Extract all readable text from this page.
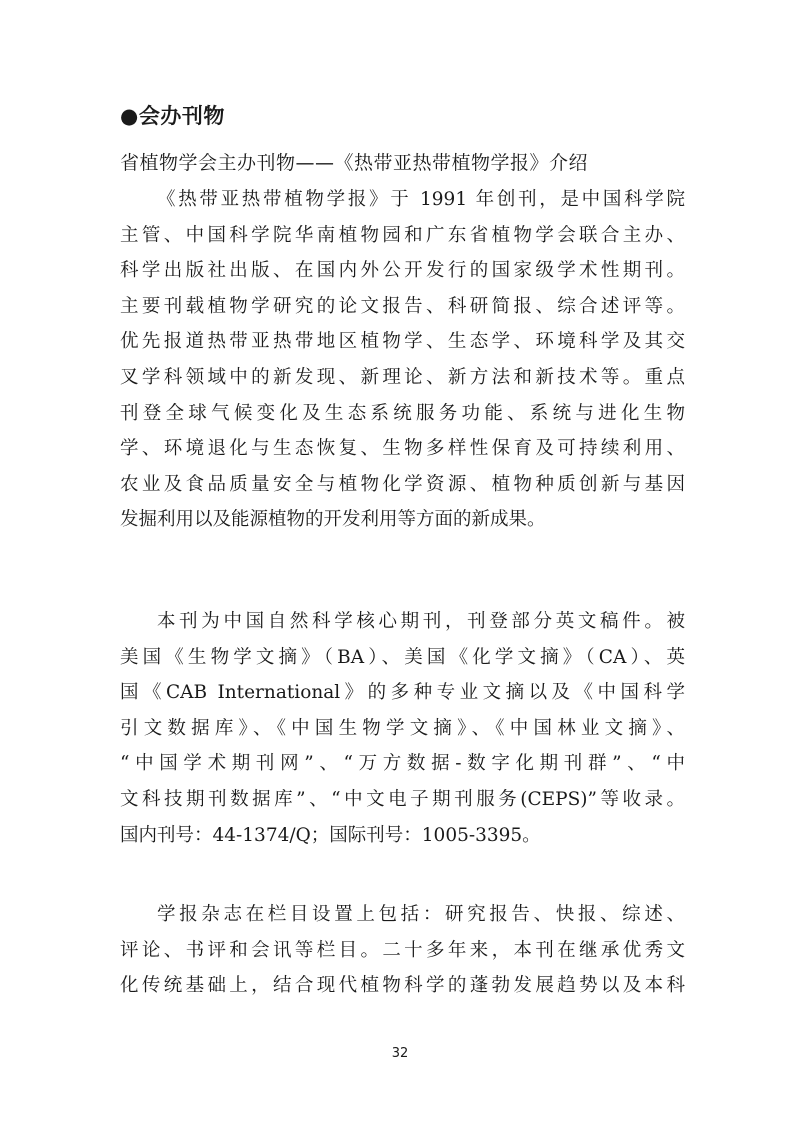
●会办刊物
省植物学会主办刊物——《热带亚热带植物学报》介绍
《热带亚热带植物学报》于 1991 年创刊，是中国科学院
主管、中国科学院华南植物园和广东省植物学会联合主办、
科学出版社出版、在国内外公开发行的国家级学术性期刊。
主要刊载植物学研究的论文报告、科研简报、综合述评等。
优先报道热带亚热带地区植物学、生态学、环境科学及其交
叉学科领域中的新发现、新理论、新方法和新技术等。重点
刊登全球气候变化及生态系统服务功能、系统与进化生物
学、环境退化与生态恢复、生物多样性保育及可持续利用、
农业及食品质量安全与植物化学资源、植物种质创新与基因
发掘利用以及能源植物的开发利用等方面的新成果。
本刊为中国自然科学核心期刊，刊登部分英文稿件。被
美国《生物学文摘》（BA）、美国《化学文摘》（CA）、英
国《CAB International》的多种专业文摘以及《中国科学
引文数据库》、《中国生物学文摘》、《中国林业文摘》、
“中国学术期刊网”、“万方数据-数字化期刊群”、“中
文科技期刊数据库”、“中文电子期刊服务(CEPS)”等收录。
国内刊号：44-1374/Q；国际刊号：1005-3395。
学报杂志在栏目设置上包括：研究报告、快报、综述、
评论、书评和会讯等栏目。二十多年来，本刊在继承优秀文
化传统基础上，结合现代植物科学的蓬勃发展趋势以及本科
32
